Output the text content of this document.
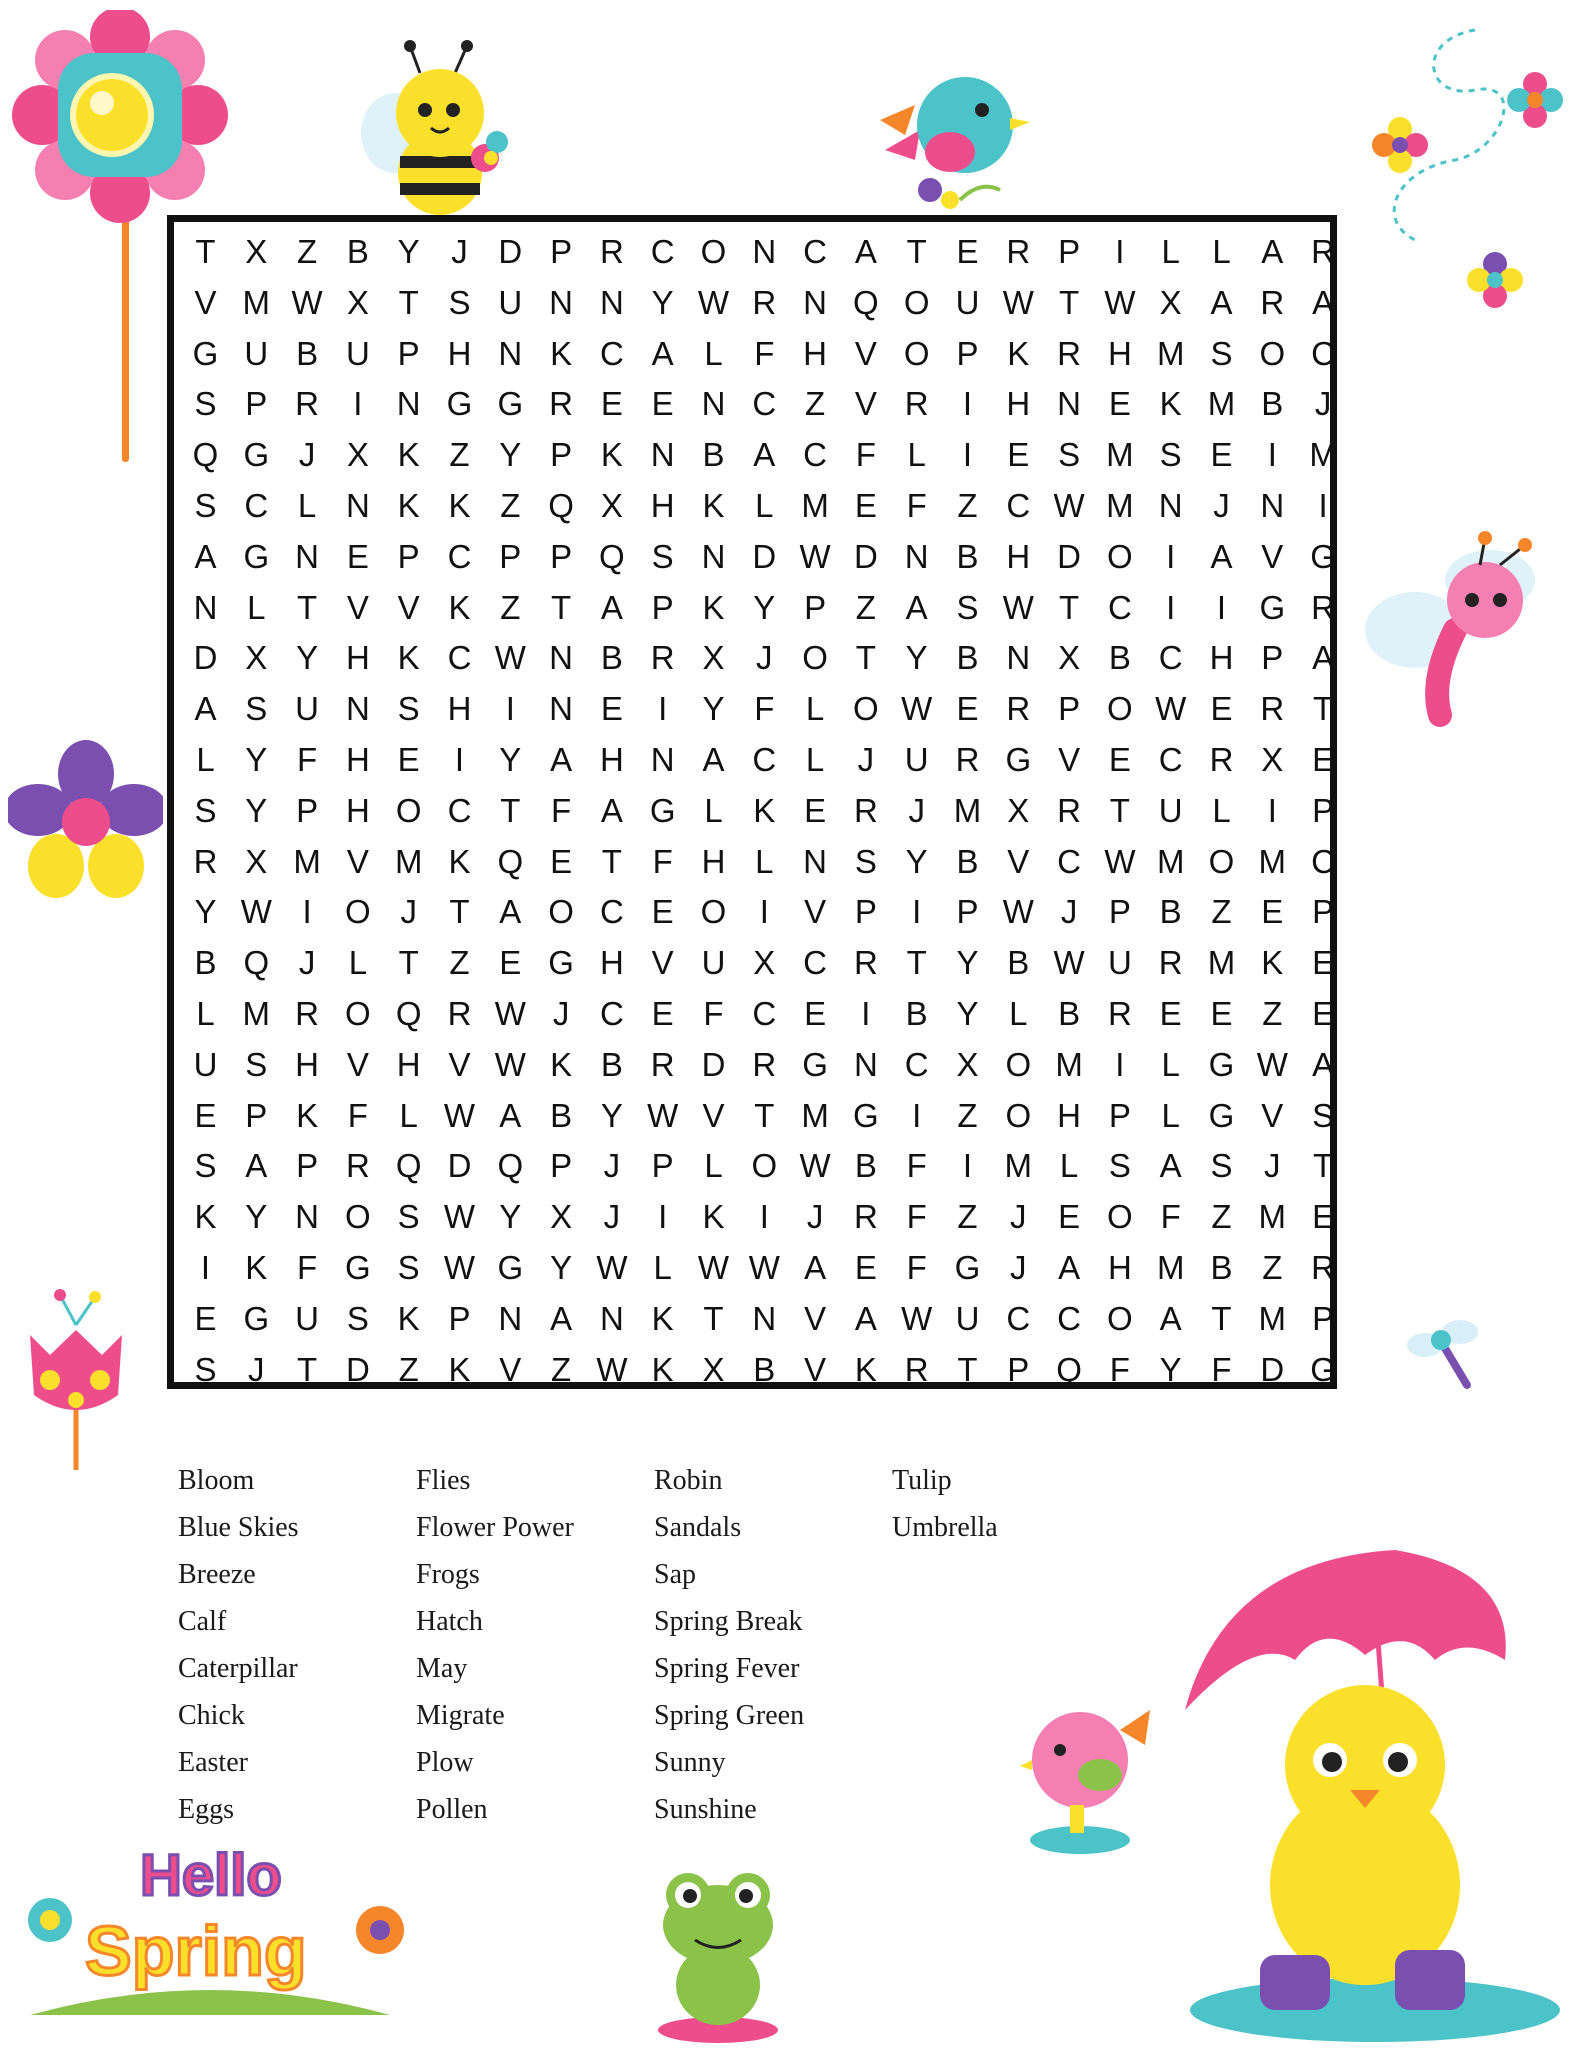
Hello
Spring
T X Z B Y J D P R C O N C A T E R P	I	L L A R
V M W X T S U N N Y W R N Q O U W T W X A R A
G U B U P H N K C A L F H V O P K R H M S O C
S P R	I	N G G R E E N C Z V R	I	H N E K M B J
Q G J X K Z Y P K N B A C F L	I	E S M S E	I M
S C L N K K Z Q X H K L M E F Z C W M N J N	I
A G N E P C P P Q S N D W D N B H D O	I	A V G
N L T V V K Z T A P K Y P Z A S W T C	I	I	G R
D X Y H K C W N B R X J O T Y B N X B C H P A
A S U N S H	I	N E	I	Y F L O W E R P O W E R T
L Y F H E	I	Y A H N A C L	J U R G V E C R X E
S Y P H O C T F A G L K E R J M X R T U L	I	P
R X M V M K Q E T F H L N S Y B V C W M O M C
Y W I	O J T A O C E O	I	V P	I	P W J P B Z E P
B Q J	L T Z E G H V U X C R T Y B W U R M K E
L M R O Q R W J C E F C E	I	B Y L B R E E Z E
U S H V H V W K B R D R G N C X O M I	L G W A
E P K F L W A B Y W V T M G	I	Z O H P L G V S
S A P R Q D Q P J P L O W B F	I M L S A S J T
K Y N O S W Y X J	I	K	I	J R F Z J E O F Z M E
I	K F G S W G Y W L W W A E F G J A H M B Z R
E G U S K P N A N K T N V A W U C C O A T M P
S J T D Z K V Z W K X B V K R T P Q F Y F D G
Bloom
Blue Skies
Breeze
Calf
Caterpillar
Chick
Easter
Eggs
Flies
Flower Power
Frogs
Hatch
May
Migrate
Plow
Pollen
Robin
Sandals
Sap
Spring Break
Spring Fever
Spring Green
Sunny
Sunshine
Tulip
Umbrella
